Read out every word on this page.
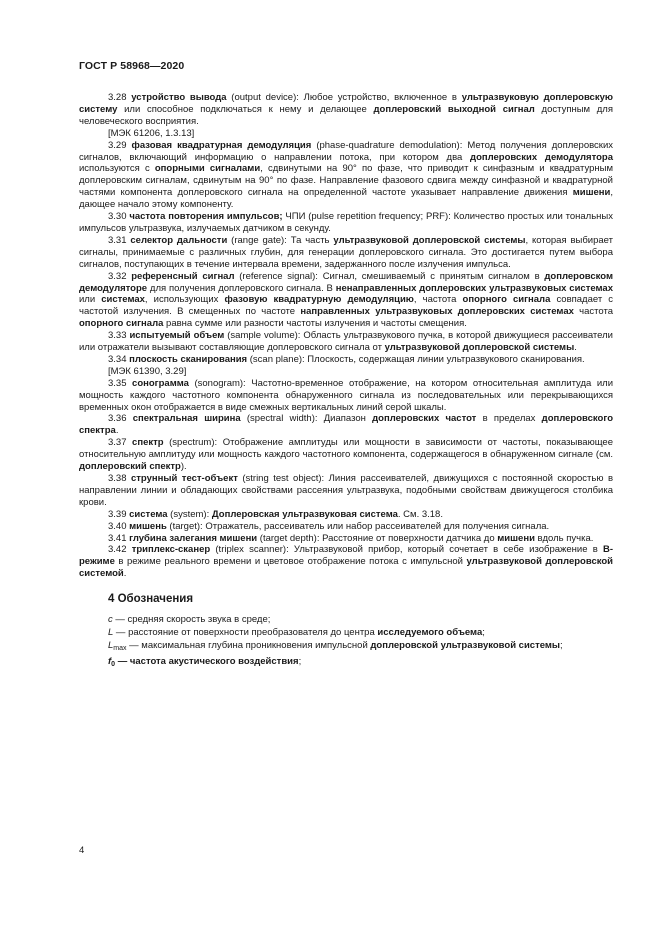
ГОСТ Р 58968—2020

3.28 устройство вывода (output device): Любое устройство, включенное в ультразвуковую доплеровскую систему или способное подключаться к нему и делающее доплеровский выходной сигнал доступным для человеческого восприятия.

[МЭК 61206, 1.3.13]

3.29 фазовая квадратурная демодуляция (phase-quadrature demodulation): Метод получения доплеровских сигналов, включающий информацию о направлении потока, при котором два доплеровских демодулятора используются с опорными сигналами, сдвинутыми на 90° по фазе, что приводит к синфазным и квадратурным доплеровским сигналам, сдвинутым на 90° по фазе. Направление фазового сдвига между синфазной и квадратурной частями компонента доплеровского сигнала на определенной частоте указывает направление движения мишени, дающее начало этому компоненту.

3.30 частота повторения импульсов; ЧПИ (pulse repetition frequency; PRF): Количество простых или тональных импульсов ультразвука, излучаемых датчиком в секунду.

3.31 селектор дальности (range gate): Та часть ультразвуковой доплеровской системы, которая выбирает сигналы, принимаемые с различных глубин, для генерации доплеровского сигнала. Это достигается путем выбора сигналов, поступающих в течение интервала времени, задержанного после излучения импульса.

3.32 референсный сигнал (reference signal): Сигнал, смешиваемый с принятым сигналом в доплеровском демодуляторе для получения доплеровского сигнала. В ненаправленных доплеровских ультразвуковых системах или системах, использующих фазовую квадратурную демодуляцию, частота опорного сигнала совпадает с частотой излучения. В смещенных по частоте направленных ультразвуковых доплеровских системах частота опорного сигнала равна сумме или разности частоты излучения и частоты смещения.

3.33 испытуемый объем (sample volume): Область ультразвукового пучка, в которой движущиеся рассеиватели или отражатели вызывают составляющие доплеровского сигнала от ультразвуковой доплеровской системы.

3.34 плоскость сканирования (scan plane): Плоскость, содержащая линии ультразвукового сканирования.

[МЭК 61390, 3.29]

3.35 сонограмма (sonogram): Частотно-временное отображение, на котором относительная амплитуда или мощность каждого частотного компонента обнаруженного сигнала из последовательных или перекрывающихся временных окон отображается в виде смежных вертикальных линий серой шкалы.

3.36 спектральная ширина (spectral width): Диапазон доплеровских частот в пределах доплеровского спектра.

3.37 спектр (spectrum): Отображение амплитуды или мощности в зависимости от частоты, показывающее относительную амплитуду или мощность каждого частотного компонента, содержащегося в обнаруженном сигнале (см. доплеровский спектр).

3.38 струнный тест-объект (string test object): Линия рассеивателей, движущихся с постоянной скоростью в направлении линии и обладающих свойствами рассеяния ультразвука, подобными свойствам движущегося столбика крови.

3.39 система (system): Доплеровская ультразвуковая система. См. 3.18.

3.40 мишень (target): Отражатель, рассеиватель или набор рассеивателей для получения сигнала.

3.41 глубина залегания мишени (target depth): Расстояние от поверхности датчика до мишени вдоль пучка.

3.42 триплекс-сканер (triplex scanner): Ультразвуковой прибор, который сочетает в себе изображение в В-режиме в режиме реального времени и цветовое отображение потока с импульсной ультразвуковой доплеровской системой.

4 Обозначения

с — средняя скорость звука в среде;

L — расстояние от поверхности преобразователя до центра исследуемого объема;

$L_{max}$ — максимальная глубина проникновения импульсной доплеровской ультразвуковой системы;

$f_0$ — частота акустического воздействия;

4
